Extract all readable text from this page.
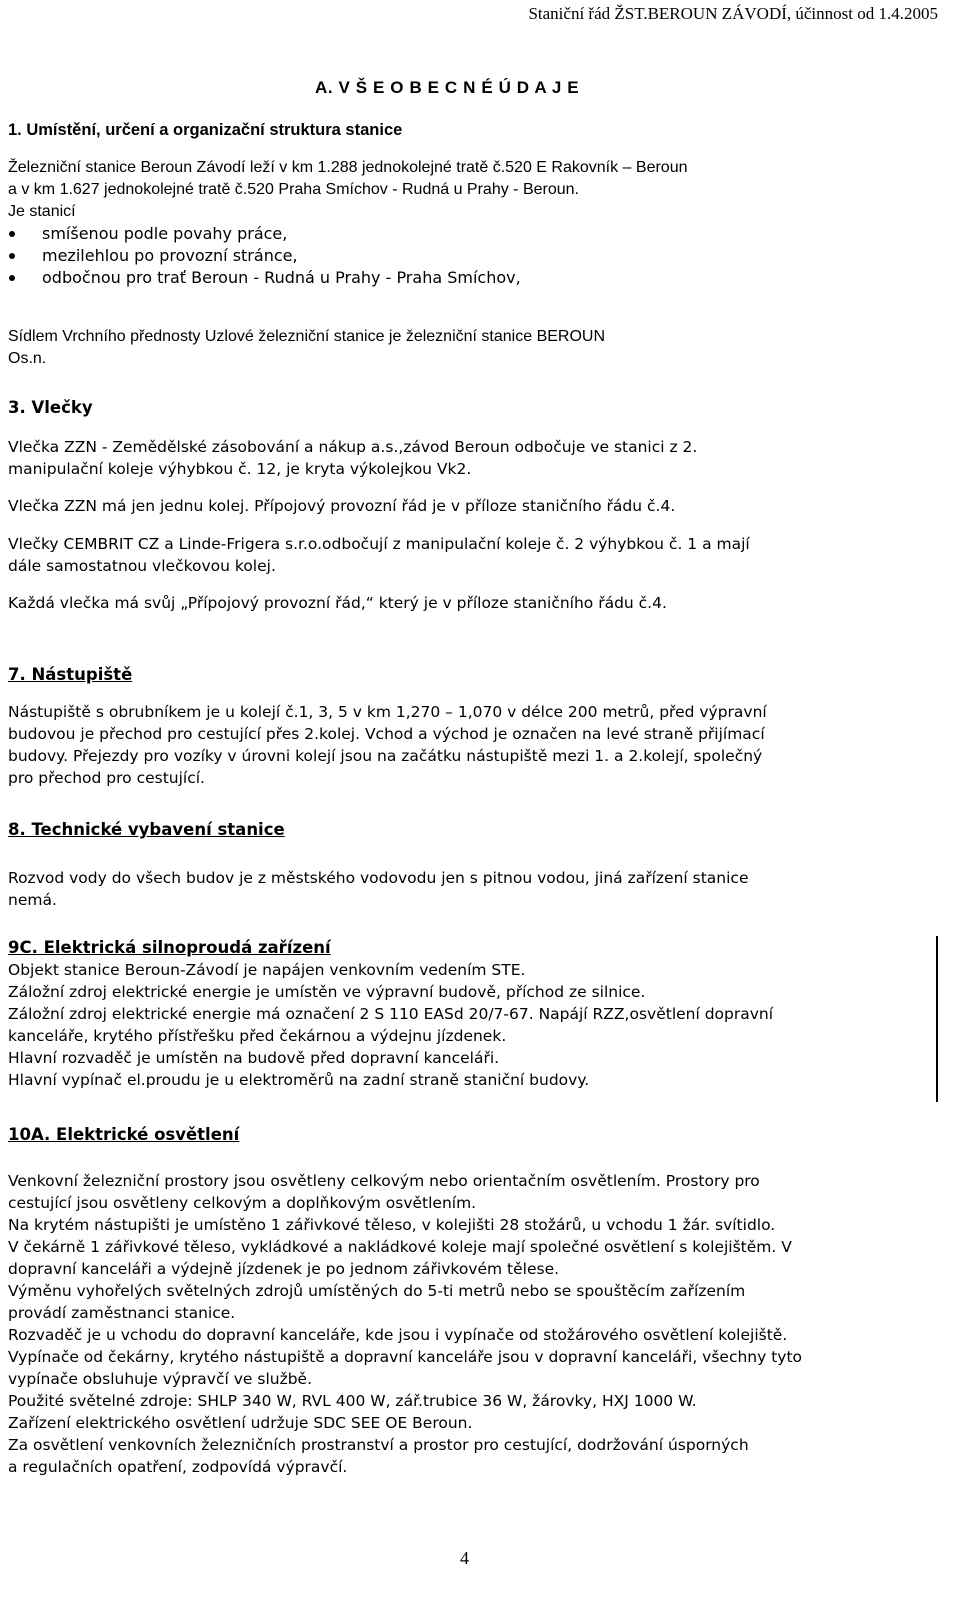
Staniční řád ŽST.BEROUN ZÁVODÍ, účinnost od 1.4.2005
A. V Š E O B E C N É Ú D A J E

1. Umístění, určení a organizační struktura stanice

Železniční stanice Beroun Závodí leží v km 1.288 jednokolejné tratě č.520 E Rakovník – Beroun

a v km 1.627 jednokolejné tratě č.520 Praha Smíchov - Rudná u Prahy - Beroun.

Je stanicí

smíšenou podle povahy práce,
mezilehlou po provozní stránce,
odbočnou pro trať Beroun - Rudná u Prahy - Praha Smíchov,

Sídlem Vrchního přednosty Uzlové železniční stanice je železniční stanice BEROUN

Os.n.

3. Vlečky

Vlečka ZZN - Zemědělské zásobování a nákup a.s.,závod Beroun odbočuje ve stanici z 2.

manipulační koleje výhybkou č. 12, je kryta výkolejkou Vk2.

Vlečka ZZN má jen jednu kolej. Přípojový provozní řád je v příloze staničního řádu č.4.

Vlečky CEMBRIT CZ a Linde-Frigera s.r.o.odbočují z manipulační koleje č. 2 výhybkou č. 1 a mají

dále samostatnou vlečkovou kolej.

Každá vlečka má svůj „Přípojový provozní řád,“ který je v příloze staničního řádu č.4.

7. Nástupiště

Nástupiště s obrubníkem je u kolejí č.1, 3, 5 v km 1,270 – 1,070 v délce 200 metrů, před výpravní

budovou je přechod pro cestující přes 2.kolej. Vchod a východ je označen na levé straně přijímací

budovy. Přejezdy pro vozíky v úrovni kolejí jsou na začátku nástupiště mezi 1. a 2.kolejí, společný

pro přechod pro cestující.

8. Technické vybavení stanice

Rozvod vody do všech budov je z městského vodovodu jen s pitnou vodou, jiná zařízení stanice

nemá.

9C. Elektrická silnoproudá zařízení

Objekt stanice Beroun-Závodí je napájen venkovním vedením STE.

Záložní zdroj elektrické energie je umístěn ve výpravní budově, příchod ze silnice.

Záložní zdroj elektrické energie má označení 2 S 110 EASd 20/7-67. Napájí RZZ,osvětlení dopravní

kanceláře, krytého přístřešku před čekárnou a výdejnu jízdenek.

Hlavní rozvaděč je umístěn na budově před dopravní kanceláři.

Hlavní vypínač el.proudu je u elektroměrů na zadní straně staniční budovy.

10A. Elektrické osvětlení

Venkovní železniční prostory jsou osvětleny celkovým nebo orientačním osvětlením. Prostory pro

cestující jsou osvětleny celkovým a doplňkovým osvětlením.

Na krytém nástupišti je umístěno 1 zářivkové těleso, v kolejišti 28 stožárů, u vchodu 1 žár. svítidlo.

V čekárně 1 zářivkové těleso, vykládkové a nakládkové koleje mají společné osvětlení s kolejištěm. V

dopravní kanceláři a výdejně jízdenek je po jednom zářivkovém tělese.

Výměnu vyhořelých světelných zdrojů umístěných do 5-ti metrů nebo se spouštěcím zařízením

provádí zaměstnanci stanice.

Rozvaděč je u vchodu do dopravní kanceláře, kde jsou i vypínače od stožárového osvětlení kolejiště.

Vypínače od čekárny, krytého nástupiště a dopravní kanceláře jsou v dopravní kanceláři, všechny tyto

vypínače obsluhuje výpravčí ve službě.

Použité světelné zdroje: SHLP 340 W, RVL 400 W, zář.trubice 36 W, žárovky, HXJ 1000 W.

Zařízení elektrického osvětlení udržuje SDC SEE OE Beroun.

Za osvětlení venkovních železničních prostranství a prostor pro cestující, dodržování úsporných

a regulačních opatření, zodpovídá výpravčí.

4
